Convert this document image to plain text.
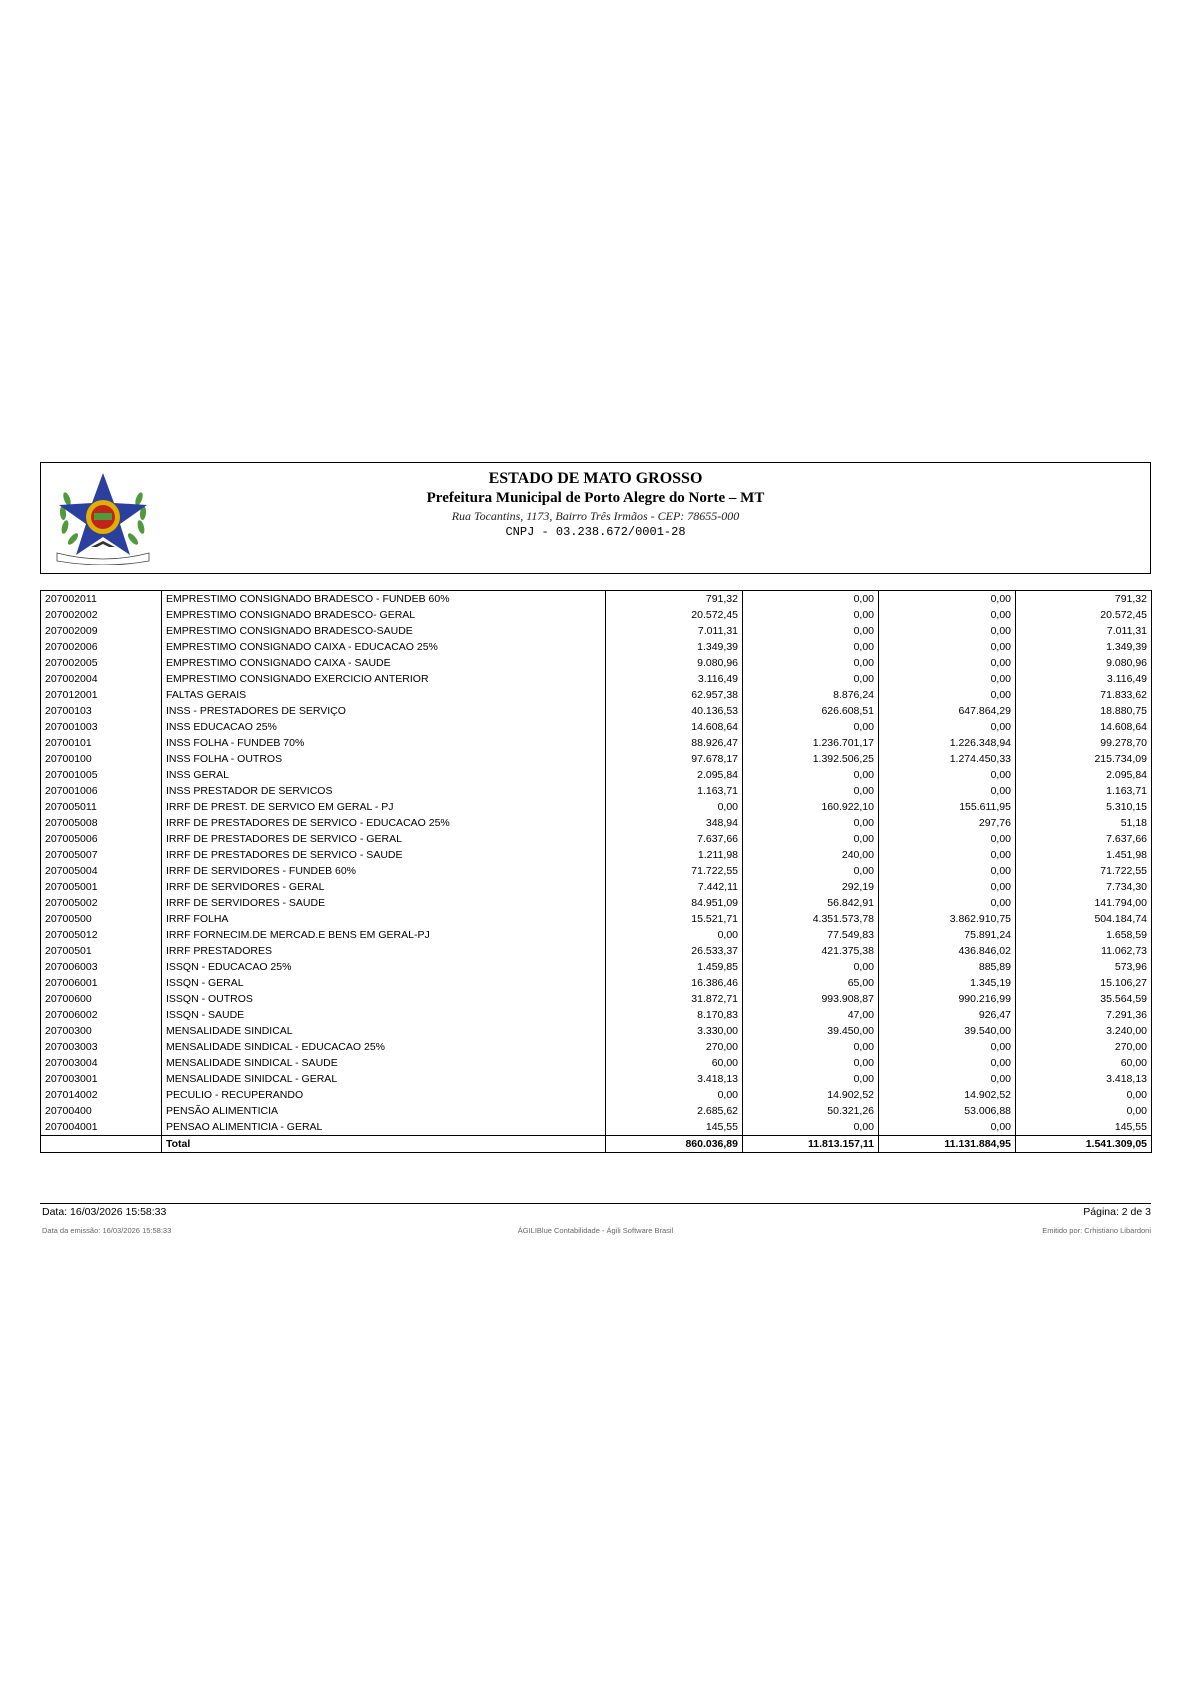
ESTADO DE MATO GROSSO
Prefeitura Municipal de Porto Alegre do Norte – MT
Rua Tocantins, 1173, Bairro Três Irmãos - CEP: 78655-000
CNPJ - 03.238.672/0001-28
207002011	EMPRESTIMO CONSIGNADO BRADESCO - FUNDEB 60%	791,32	0,00	0,00	791,32
207002002	EMPRESTIMO CONSIGNADO BRADESCO- GERAL	20.572,45	0,00	0,00	20.572,45
207002009	EMPRESTIMO CONSIGNADO BRADESCO-SAUDE	7.011,31	0,00	0,00	7.011,31
207002006	EMPRESTIMO CONSIGNADO CAIXA - EDUCACAO 25%	1.349,39	0,00	0,00	1.349,39
207002005	EMPRESTIMO CONSIGNADO CAIXA - SAUDE	9.080,96	0,00	0,00	9.080,96
207002004	EMPRESTIMO CONSIGNADO EXERCICIO ANTERIOR	3.116,49	0,00	0,00	3.116,49
207012001	FALTAS GERAIS	62.957,38	8.876,24	0,00	71.833,62
20700103	INSS - PRESTADORES DE SERVIÇO	40.136,53	626.608,51	647.864,29	18.880,75
207001003	INSS EDUCACAO 25%	14.608,64	0,00	0,00	14.608,64
20700101	INSS FOLHA - FUNDEB 70%	88.926,47	1.236.701,17	1.226.348,94	99.278,70
20700100	INSS FOLHA - OUTROS	97.678,17	1.392.506,25	1.274.450,33	215.734,09
207001005	INSS GERAL	2.095,84	0,00	0,00	2.095,84
207001006	INSS PRESTADOR DE SERVICOS	1.163,71	0,00	0,00	1.163,71
207005011	IRRF DE PREST. DE SERVICO EM GERAL - PJ	0,00	160.922,10	155.611,95	5.310,15
207005008	IRRF DE PRESTADORES DE SERVICO - EDUCACAO 25%	348,94	0,00	297,76	51,18
207005006	IRRF DE PRESTADORES DE SERVICO - GERAL	7.637,66	0,00	0,00	7.637,66
207005007	IRRF DE PRESTADORES DE SERVICO - SAUDE	1.211,98	240,00	0,00	1.451,98
207005004	IRRF DE SERVIDORES - FUNDEB 60%	71.722,55	0,00	0,00	71.722,55
207005001	IRRF DE SERVIDORES - GERAL	7.442,11	292,19	0,00	7.734,30
207005002	IRRF DE SERVIDORES - SAUDE	84.951,09	56.842,91	0,00	141.794,00
20700500	IRRF FOLHA	15.521,71	4.351.573,78	3.862.910,75	504.184,74
207005012	IRRF FORNECIM.DE MERCAD.E BENS EM GERAL-PJ	0,00	77.549,83	75.891,24	1.658,59
20700501	IRRF PRESTADORES	26.533,37	421.375,38	436.846,02	11.062,73
207006003	ISSQN - EDUCACAO 25%	1.459,85	0,00	885,89	573,96
207006001	ISSQN - GERAL	16.386,46	65,00	1.345,19	15.106,27
20700600	ISSQN - OUTROS	31.872,71	993.908,87	990.216,99	35.564,59
207006002	ISSQN - SAUDE	8.170,83	47,00	926,47	7.291,36
20700300	MENSALIDADE SINDICAL	3.330,00	39.450,00	39.540,00	3.240,00
207003003	MENSALIDADE SINDICAL - EDUCACAO 25%	270,00	0,00	0,00	270,00
207003004	MENSALIDADE SINDICAL - SAUDE	60,00	0,00	0,00	60,00
207003001	MENSALIDADE SINIDCAL - GERAL	3.418,13	0,00	0,00	3.418,13
207014002	PECULIO - RECUPERANDO	0,00	14.902,52	14.902,52	0,00
20700400	PENSÃO ALIMENTICIA	2.685,62	50.321,26	53.006,88	0,00
207004001	PENSAO ALIMENTICIA - GERAL	145,55	0,00	0,00	145,55
	Total	860.036,89	11.813.157,11	11.131.884,95	1.541.309,05
Data: 16/03/2026 15:58:33	Página: 2 de 3
Data da emissão: 16/03/2026 15:58:33	ÁGILIBlue Contabilidade - Ágili Software Brasil	Emitido por: Crhistiano Libardoni
